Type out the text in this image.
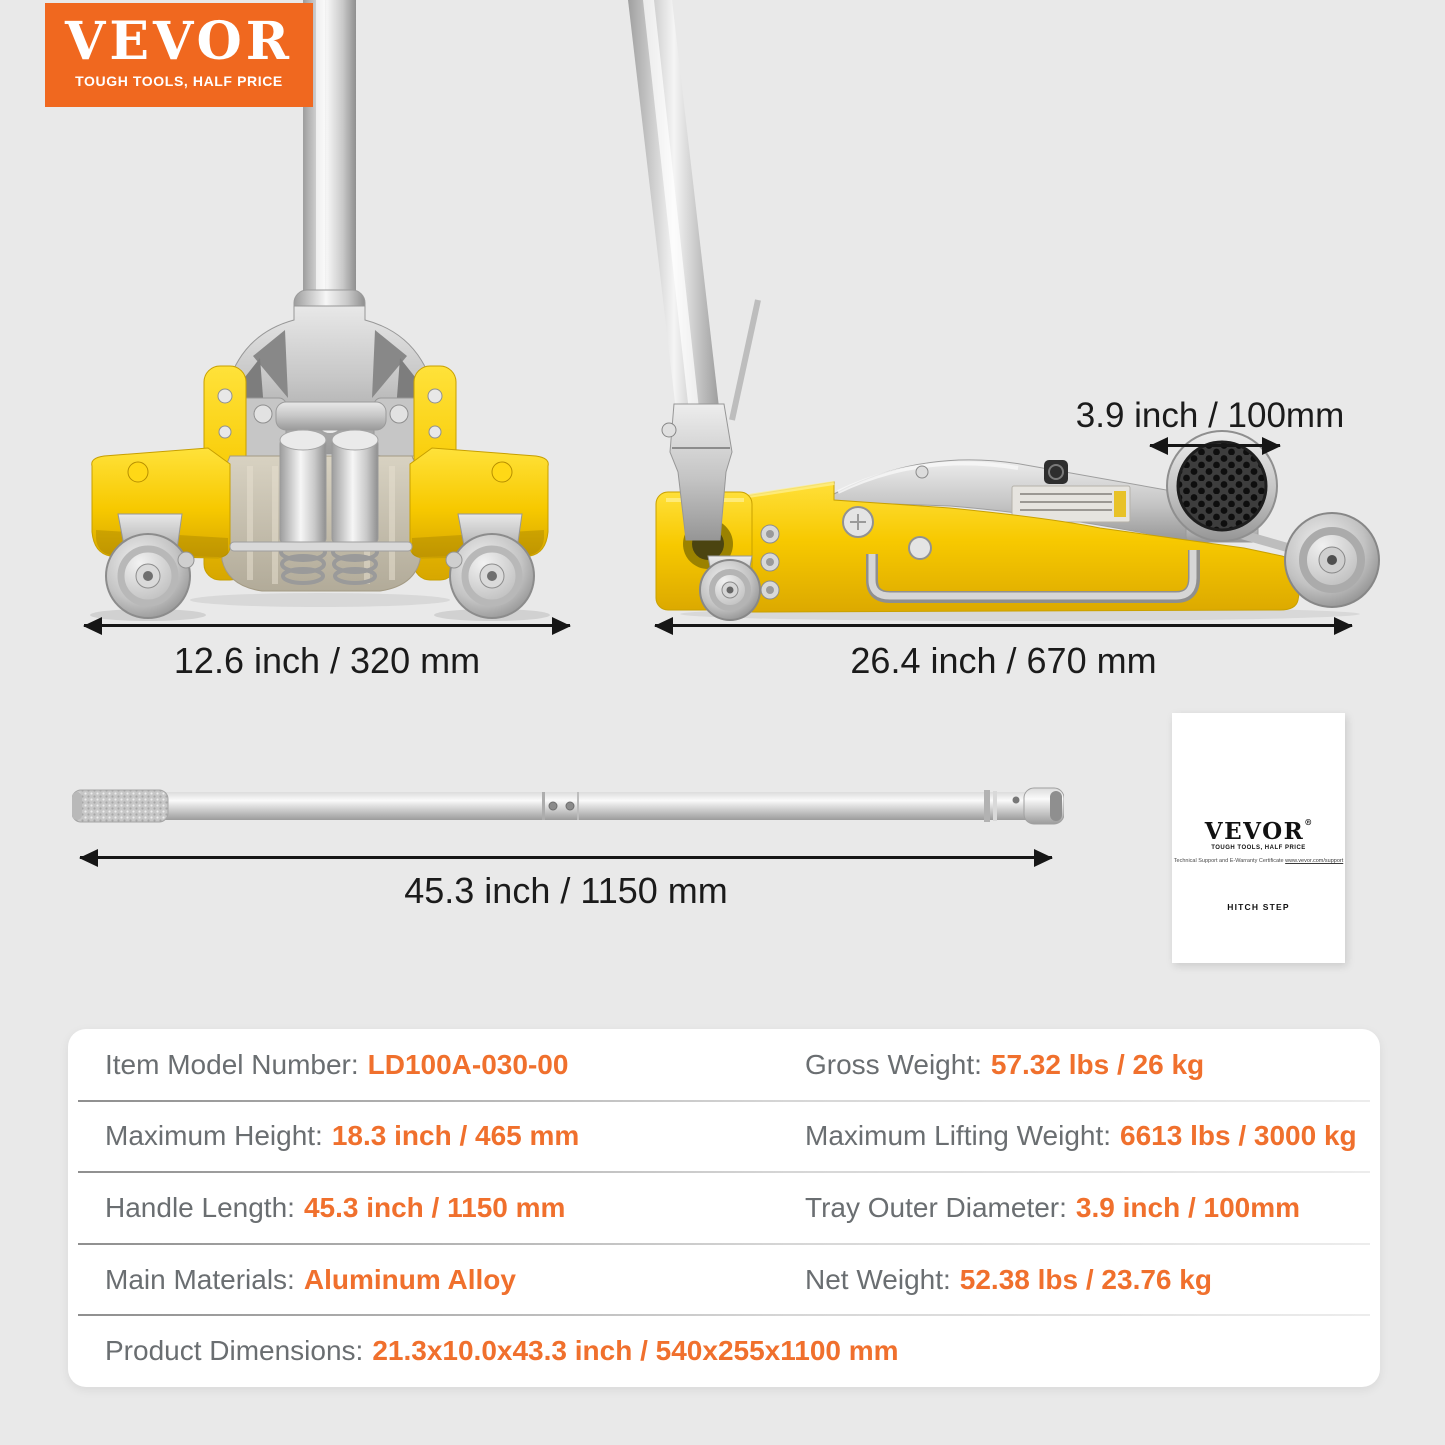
VEVOR
TOUGH TOOLS, HALF PRICE
12.6 inch / 320 mm	26.4 inch / 670 mm
3.9 inch / 100mm
45.3 inch / 1150 mm
VEVOR®
TOUGH TOOLS, HALF PRICE
Technical Support and E-Warranty Certificate www.vevor.com/support
HITCH STEP
Item Model Number: LD100A-030-00	Gross Weight: 57.32 lbs / 26 kg
Maximum Height: 18.3 inch / 465 mm	Maximum Lifting Weight: 6613 lbs / 3000 kg
Handle Length: 45.3 inch / 1150 mm	Tray Outer Diameter: 3.9 inch / 100mm
Main Materials: Aluminum Alloy	Net Weight: 52.38 lbs / 23.76 kg
Product Dimensions: 21.3x10.0x43.3 inch / 540x255x1100 mm
